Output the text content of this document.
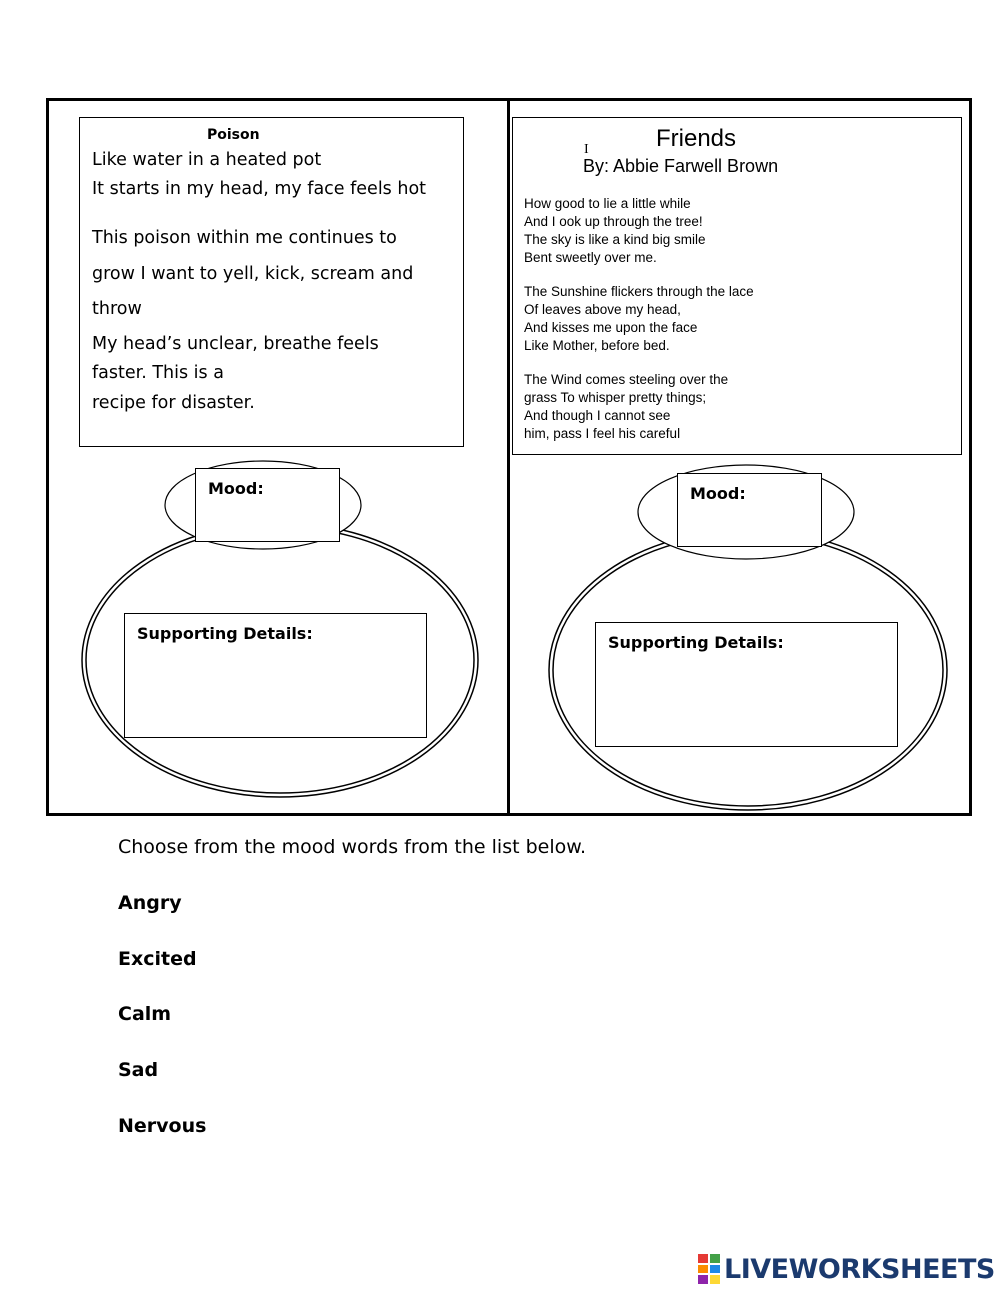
Poison
Like water in a heated pot
It starts in my head, my face feels hot
This poison within me continues to
grow I want to yell, kick, scream and
throw
My head’s unclear, breathe feels
faster. This is a
recipe for disaster.
Friends
I
By: Abbie Farwell Brown
How good to lie a little while
And I ook up through the tree!
The sky is like a kind big smile
Bent sweetly over me.
The Sunshine flickers through the lace
Of leaves above my head,
And kisses me upon the face
Like Mother, before bed.
The Wind comes steeling over the
grass To whisper pretty things;
And though I cannot see
him, pass I feel his careful
Mood:
Supporting Details:
Mood:
Supporting Details:
Choose from the mood words from the list below.
Angry
Excited
Calm
Sad
Nervous
LIVEWORKSHEETS
